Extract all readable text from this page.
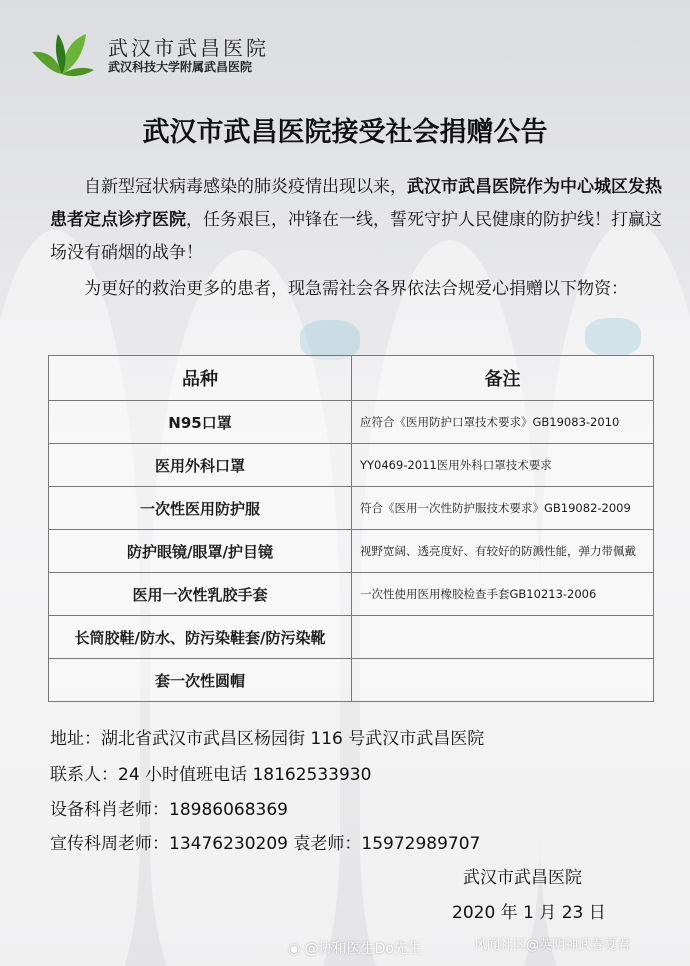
武汉市武昌医院
武汉科技大学附属武昌医院
武汉市武昌医院接受社会捐赠公告
自新型冠状病毒感染的肺炎疫情出现以来，武汉市武昌医院作为中心城区发热患者定点诊疗医院，任务艰巨，冲锋在一线，誓死守护人民健康的防护线！打赢这场没有硝烟的战争！
为更好的救治更多的患者，现急需社会各界依法合规爱心捐赠以下物资：
品种	备注
N95口罩	应符合《医用防护口罩技术要求》GB19083-2010
医用外科口罩	YY0469-2011医用外科口罩技术要求
一次性医用防护服	符合《医用一次性防护服技术要求》GB19082-2009
防护眼镜/眼罩/护目镜	视野宽阔、透亮度好、有较好的防溅性能，弹力带佩戴
医用一次性乳胶手套	一次性使用医用橡胶检查手套GB10213-2006
长筒胶鞋/防水、防污染鞋套/防污染靴	
套一次性圆帽	
地址：湖北省武汉市武昌区杨园街 116 号武汉市武昌医院
联系人：24 小时值班电话 18162533930
设备科肖老师：18986068369
宣传科周老师：13476230209 袁老师：15972989707
武汉市武昌医院
2020 年 1 月 23 日
◉ @协和医生Do先生	风闻社区@英明神武春夏君
